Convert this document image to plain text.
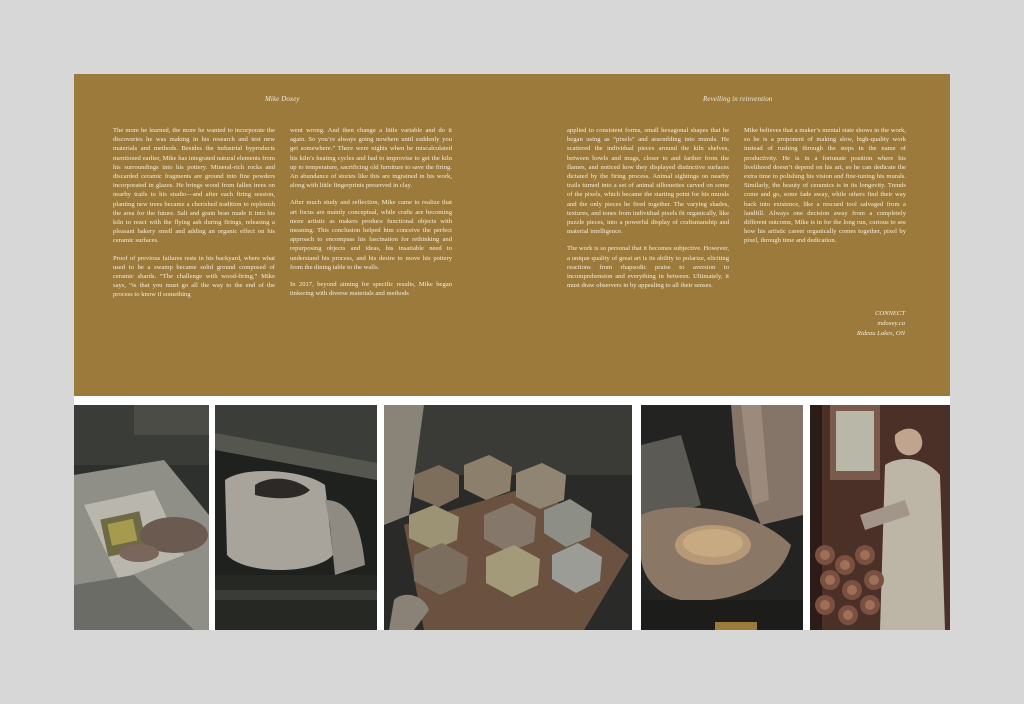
Mike Doxey	Revelling in reinvention

The more he learned, the more he wanted to incorporate the discoveries he was making in his research and test new materials and methods. Besides the industrial byproducts mentioned earlier, Mike has integrated natural elements from his surroundings into his pottery. Mineral-rich rocks and discarded ceramic fragments are ground into fine powders incorporated in glazes. He brings wood from fallen trees on nearby trails to his studio—and after each firing session, planting new trees became a cherished tradition to replenish the area for the future. Salt and grain bran made it into his kiln to react with the flying ash during firings, releasing a pleasant bakery smell and adding an organic effect on his ceramic surfaces.

Proof of previous failures rests in his backyard, where what used to be a swamp became solid ground composed of ceramic shards. “The challenge with wood-firing,” Mike says, “is that you must go all the way to the end of the process to know if something

went wrong. And then change a little variable and do it again. So you’re always going nowhere until suddenly you get somewhere.” There were nights when he miscalculated his kiln’s heating cycles and had to improvise to get the kiln up to temperature, sacrificing old furniture to save the firing. An abundance of stories like this are ingrained in his work, along with little fingerprints preserved in clay.

After much study and reflection, Mike came to realize that art focus are mainly conceptual, while crafts are becoming more artistic as makers produce functional objects with meaning. This conclusion helped him conceive the perfect approach to encompass his fascination for rethinking and repurposing objects and ideas, his insatiable need to understand his process, and his desire to move his pottery from the dining table to the walls.

In 2017, beyond aiming for specific results, Mike began tinkering with diverse materials and methods

applied to consistent forms, small hexagonal shapes that he began using as “pixels” and assembling into murals. He scattered the individual pieces around the kiln shelves, between bowls and mugs, closer to and farther from the flames, and noticed how they displayed distinctive surfaces dictated by the firing process. Animal sightings on nearby trails turned into a set of animal silhouettes carved on some of the pixels, which became the starting point for his murals and the only pieces he fired together. The varying shades, textures, and tones from individual pixels fit organically, like puzzle pieces, into a powerful display of craftsmanship and material intelligence.

The work is so personal that it becomes subjective. However, a unique quality of great art is its ability to polarize, eliciting reactions from rhapsodic praise to aversion to incomprehension and everything in between. Ultimately, it must draw observers in by appealing to all their senses.

Mike believes that a maker’s mental state shows in the work, so he is a proponent of making slow, high-quality work instead of rushing through the steps in the name of productivity. He is in a fortunate position where his livelihood doesn’t depend on his art, so he can dedicate the extra time to polishing his vision and fine-tuning his murals. Similarly, the beauty of ceramics is in its longevity. Trends come and go, some fade away, while others find their way back into existence, like a rescued tool salvaged from a landfill. Always one decision away from a completely different outcome, Mike is in for the long run, curious to see how his artistic career organically comes together, pixel by pixel, through time and dedication.

CONNECT
mdoxey.ca
Rideau Lakes, ON
